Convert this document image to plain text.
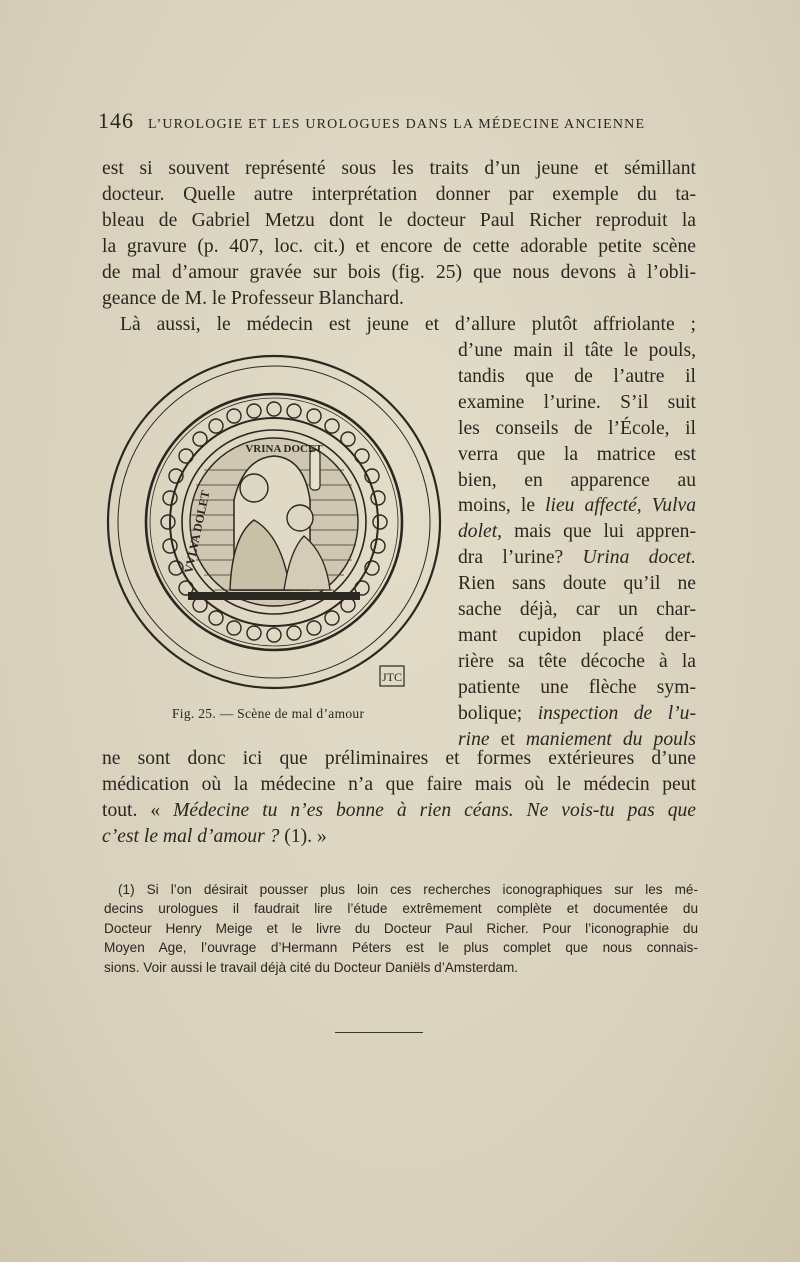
146 L’UROLOGIE ET LES UROLOGUES DANS LA MÉDECINE ANCIENNE
est si souvent représenté sous les traits d’un jeune et sémillant
docteur. Quelle autre interprétation donner par exemple du ta-
bleau de Gabriel Metzu dont le docteur Paul Richer reproduit la
la gravure (p. 407, loc. cit.) et encore de cette adorable petite scène
de mal d’amour gravée sur bois (fig. 25) que nous devons à l’obli-
geance de M. le Professeur Blanchard.
Là aussi, le médecin est jeune et d’allure plutôt affriolante ;
VRINA DOCET
VVLVA DOLET
JTC
Fig. 25. — Scène de mal d’amour
d’une main il tâte le pouls,
tandis que de l’autre il
examine l’urine. S’il suit
les conseils de l’École, il
verra que la matrice est
bien, en apparence au
moins, le lieu affecté, Vulva
dolet, mais que lui appren-
dra l’urine? Urina docet.
Rien sans doute qu’il ne
sache déjà, car un char-
mant cupidon placé der-
rière sa tête décoche à la
patiente une flèche sym-
bolique; inspection de l’u-
rine et maniement du pouls
ne sont donc ici que préliminaires et formes extérieures d’une
médication où la médecine n’a que faire mais où le médecin peut
tout. « Médecine tu n’es bonne à rien céans. Ne vois-tu pas que
c’est le mal d’amour ? (1). »
(1) Si l’on désirait pousser plus loin ces recherches iconographiques sur les mé-
decins urologues il faudrait lire l’étude extrêmement complète et documentée du
Docteur Henry Meige et le livre du Docteur Paul Richer. Pour l’iconographie du
Moyen Age, l’ouvrage d’Hermann Péters est le plus complet que nous connais-
sions. Voir aussi le travail déjà cité du Docteur Daniëls d’Amsterdam.
